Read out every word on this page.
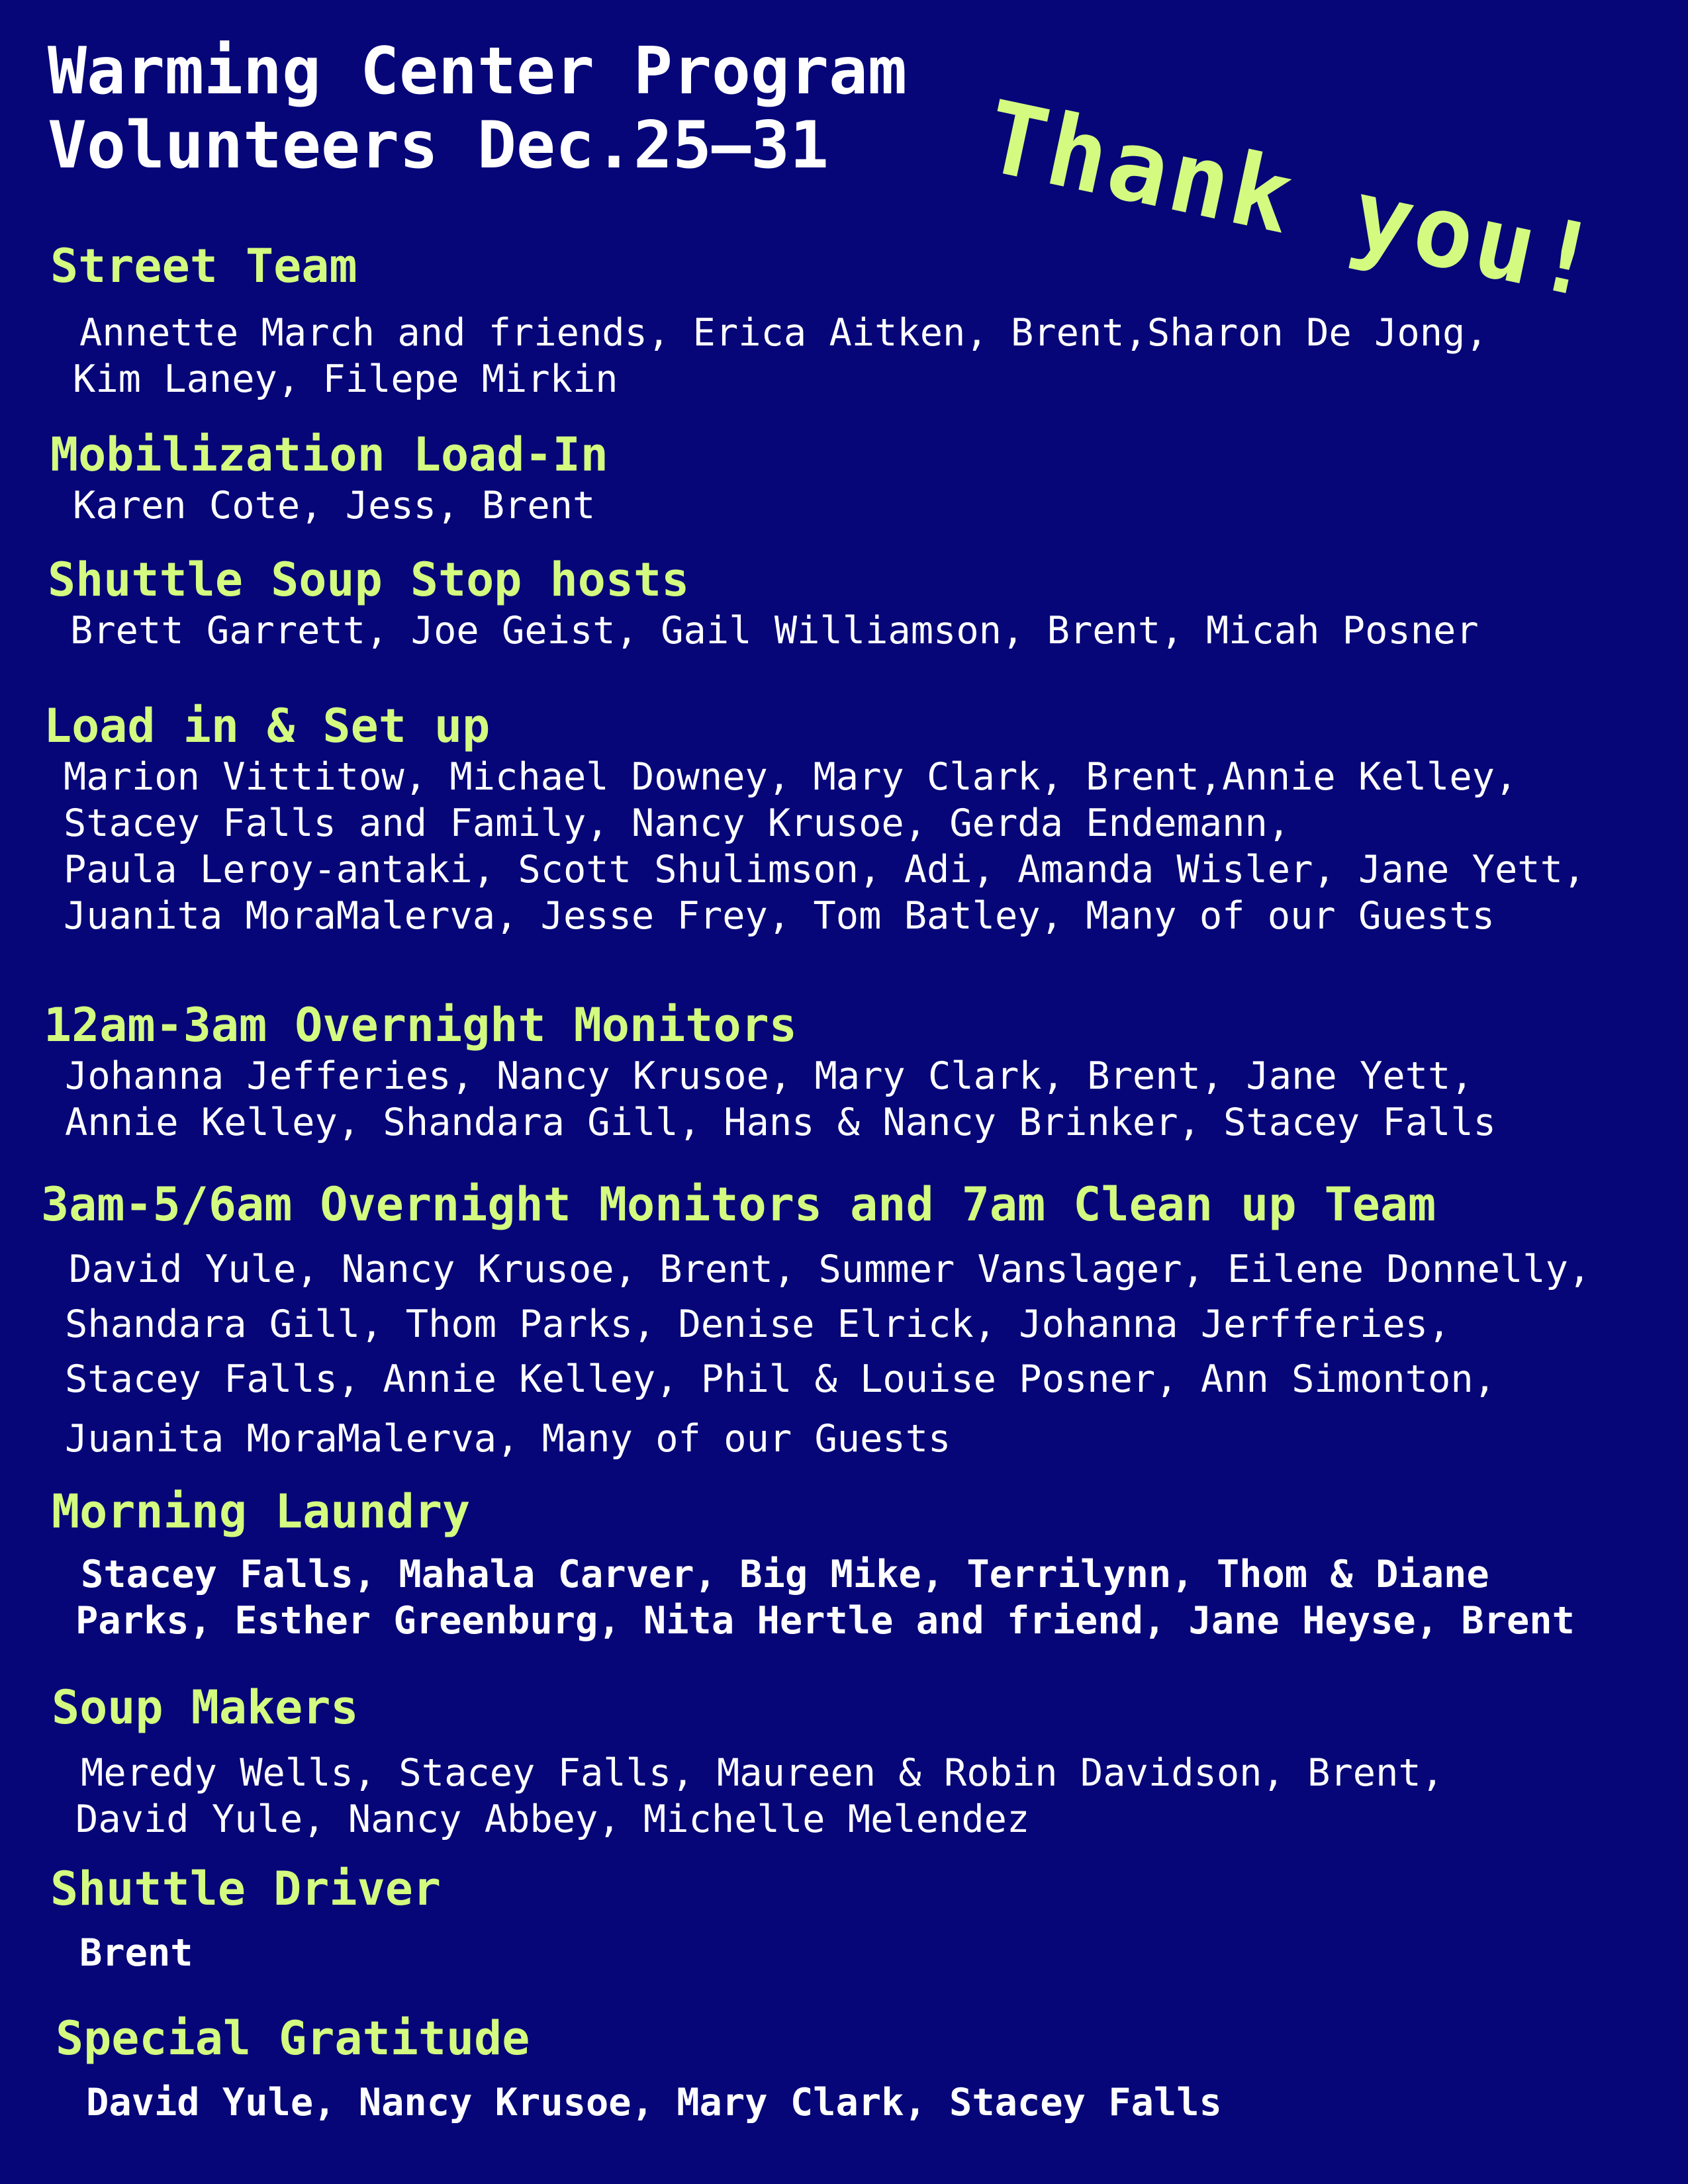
Warming Center Program
Volunteers Dec.25–31	Thank you!
Street Team
Annette March and friends, Erica Aitken, Brent,Sharon De Jong,
Kim Laney, Filepe Mirkin
Mobilization Load-In
Karen Cote, Jess, Brent
Shuttle Soup Stop hosts
Brett Garrett, Joe Geist, Gail Williamson, Brent, Micah Posner
Load in & Set up
Marion Vittitow, Michael Downey, Mary Clark, Brent,Annie Kelley,
Stacey Falls and Family, Nancy Krusoe, Gerda Endemann,
Paula Leroy-antaki, Scott Shulimson, Adi, Amanda Wisler, Jane Yett,
Juanita MoraMalerva, Jesse Frey, Tom Batley, Many of our Guests
12am-3am Overnight Monitors
Johanna Jefferies, Nancy Krusoe, Mary Clark, Brent, Jane Yett,
Annie Kelley, Shandara Gill, Hans & Nancy Brinker, Stacey Falls
3am-5/6am Overnight Monitors and 7am Clean up Team
David Yule, Nancy Krusoe, Brent, Summer Vanslager, Eilene Donnelly,
Shandara Gill, Thom Parks, Denise Elrick, Johanna Jerfferies,
Stacey Falls, Annie Kelley, Phil & Louise Posner, Ann Simonton,
Juanita MoraMalerva, Many of our Guests
Morning Laundry
Stacey Falls, Mahala Carver, Big Mike, Terrilynn, Thom & Diane
Parks, Esther Greenburg, Nita Hertle and friend, Jane Heyse, Brent
Soup Makers
Meredy Wells, Stacey Falls, Maureen & Robin Davidson, Brent,
David Yule, Nancy Abbey, Michelle Melendez
Shuttle Driver
Brent
Special Gratitude
David Yule, Nancy Krusoe, Mary Clark, Stacey Falls
